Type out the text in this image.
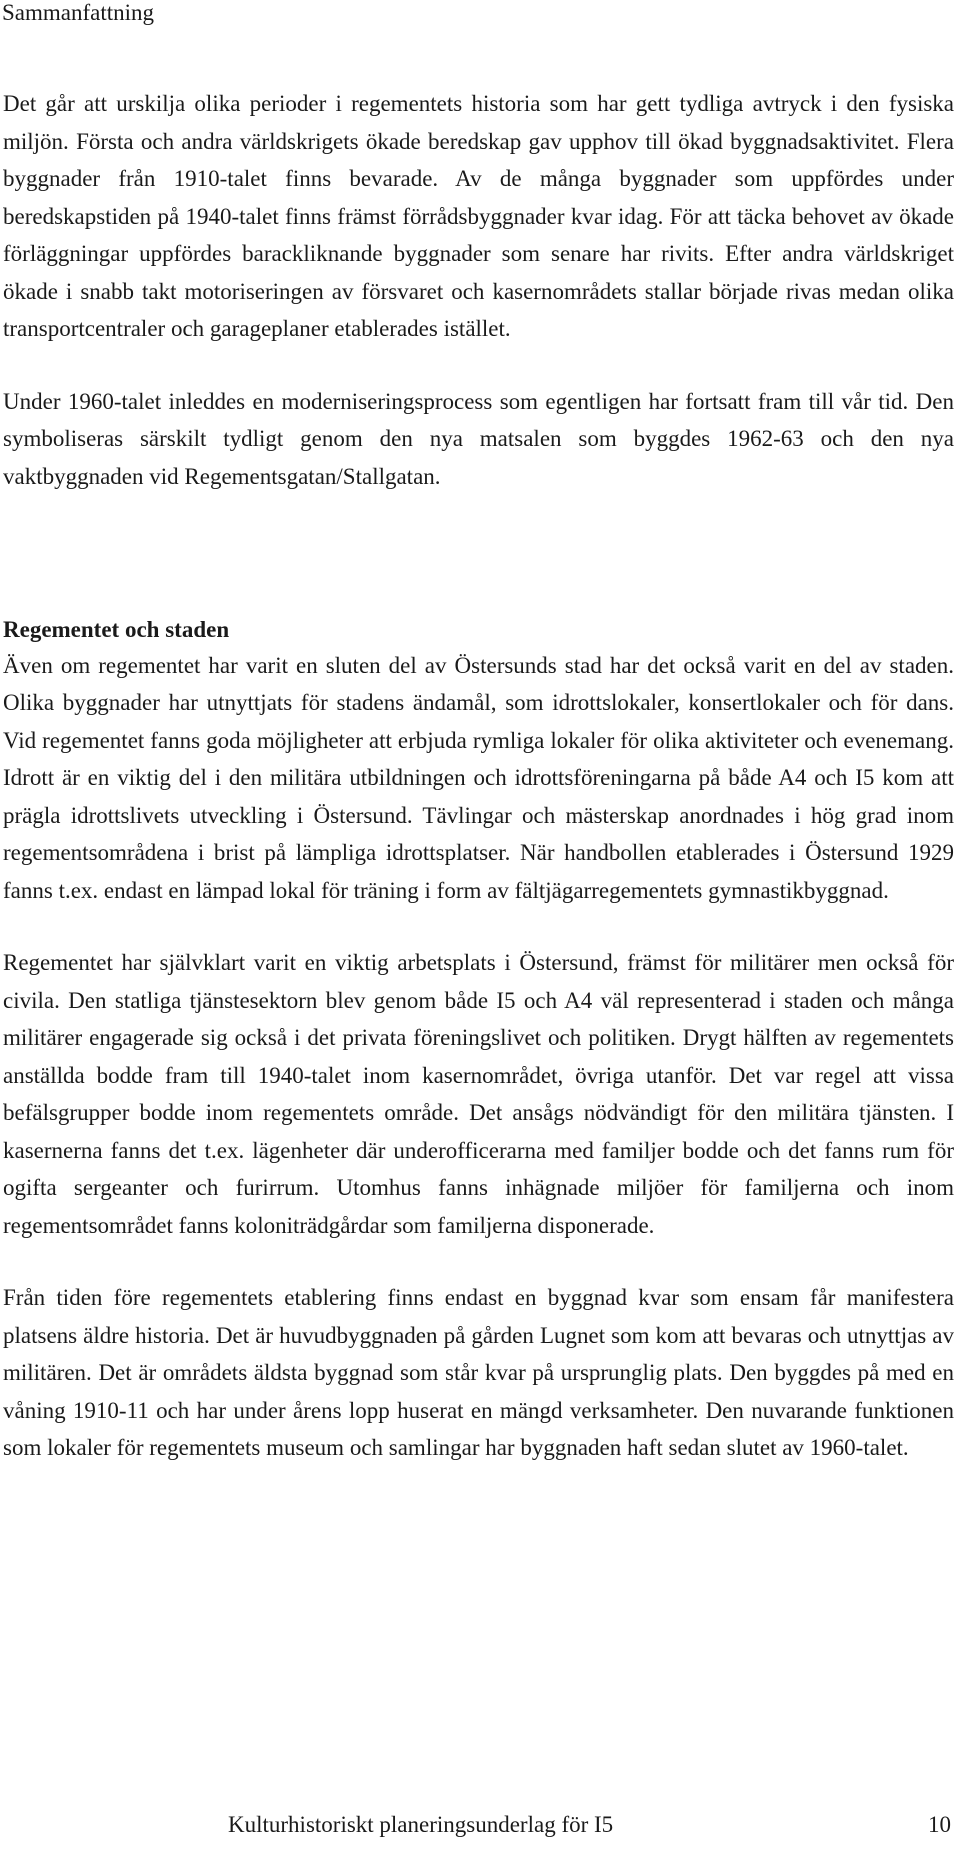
Sammanfattning

Det går att urskilja olika perioder i regementets historia som har gett tydliga avtryck i den fysiska miljön. Första och andra världskrigets ökade beredskap gav upphov till ökad byggnadsaktivitet. Flera byggnader från 1910-talet finns bevarade. Av de många byggnader som uppfördes under beredskapstiden på 1940-talet finns främst förrådsbyggnader kvar idag. För att täcka behovet av ökade förläggningar uppfördes barackliknande byggnader som senare har rivits. Efter andra världskriget ökade i snabb takt motoriseringen av försvaret och kasernområdets stallar började rivas medan olika transportcentraler och garageplaner etablerades istället.

Under 1960-talet inleddes en moderniseringsprocess som egentligen har fortsatt fram till vår tid. Den symboliseras särskilt tydligt genom den nya matsalen som byggdes 1962-63 och den nya vaktbyggnaden vid Regementsgatan/Stallgatan.

Regementet och staden

Även om regementet har varit en sluten del av Östersunds stad har det också varit en del av staden. Olika byggnader har utnyttjats för stadens ändamål, som idrottslokaler, konsertlokaler och för dans. Vid regementet fanns goda möjligheter att erbjuda rymliga lokaler för olika aktiviteter och evenemang. Idrott är en viktig del i den militära utbildningen och idrottsföreningarna på både A4 och I5 kom att prägla idrottslivets utveckling i Östersund. Tävlingar och mästerskap anordnades i hög grad inom regementsområdena i brist på lämpliga idrottsplatser. När handbollen etablerades i Östersund 1929 fanns t.ex. endast en lämpad lokal för träning i form av fältjägarregementets gymnastikbyggnad.

Regementet har självklart varit en viktig arbetsplats i Östersund, främst för militärer men också för civila. Den statliga tjänstesektorn blev genom både I5 och A4 väl representerad i staden och många militärer engagerade sig också i det privata föreningslivet och politiken. Drygt hälften av regementets anställda bodde fram till 1940-talet inom kasernområdet, övriga utanför. Det var regel att vissa befälsgrupper bodde inom regementets område. Det ansågs nödvändigt för den militära tjänsten. I kasernerna fanns det t.ex. lägenheter där underofficerarna med familjer bodde och det fanns rum för ogifta sergeanter och furirrum. Utomhus fanns inhägnade miljöer för familjerna och inom regementsområdet fanns koloniträdgårdar som familjerna disponerade.

Från tiden före regementets etablering finns endast en byggnad kvar som ensam får manifestera platsens äldre historia. Det är huvudbyggnaden på gården Lugnet som kom att bevaras och utnyttjas av militären. Det är områdets äldsta byggnad som står kvar på ursprunglig plats. Den byggdes på med en våning 1910-11 och har under årens lopp huserat en mängd verksamheter. Den nuvarande funktionen som lokaler för regementets museum och samlingar har byggnaden haft sedan slutet av 1960-talet.

Kulturhistoriskt planeringsunderlag för I5	10
